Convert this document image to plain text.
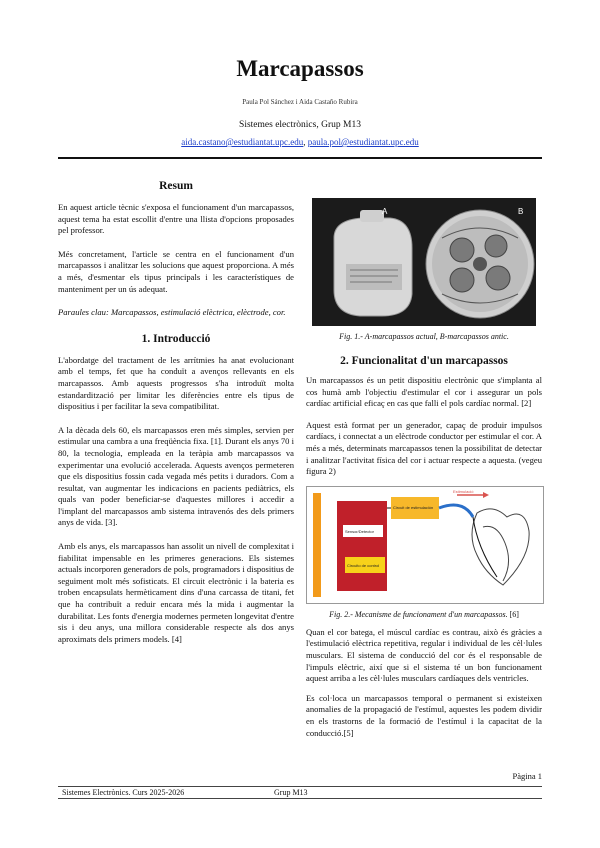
Marcapassos
Paula Pol Sánchez i Aida Castaño Rubira
Sistemes electrònics, Grup M13
aida.castano@estudiantat.upc.edu, paula.pol@estudiantat.upc.edu
Resum

En aquest article tècnic s'exposa el funcionament d'un marcapassos, aquest tema ha estat escollit d'entre una llista d'opcions proposades pel professor.

Més concretament, l'article se centra en el funcionament d'un marcapassos i analitzar les solucions que aquest proporciona. A més a més, d'esmentar els tipus principals i les característiques de manteniment per un ús adequat.

Paraules clau: Marcapassos, estimulació elèctrica, elèctrode, cor.

1. Introducció

L'abordatge del tractament de les arrítmies ha anat evolucionant amb el temps, fet que ha conduït a avenços rellevants en els marcapassos. Amb aquests progressos s'ha introduït molta estandardització per limitar les diferències entre els tipus de dispositius i per facilitar la seva compatibilitat.

A la dècada dels 60, els marcapassos eren més simples, servien per estimular una cambra a una freqüència fixa. [1]. Durant els anys 70 i 80, la tecnologia, empleada en la teràpia amb marcapassos va experimentar una evolució accelerada. Aquests avenços permeteren que els dispositius fossin cada vegada més petits i duradors. Com a resultat, van augmentar les indicacions en pacients pediàtrics, els quals van poder beneficiar-se d'aquestes millores i accedir a l'implant del marcapassos amb sistema intravenós des dels primers anys de vida. [3].

Amb els anys, els marcapassos han assolit un nivell de complexitat i fiabilitat impensable en les primeres generacions. Els sistemes actuals incorporen generadors de pols, programadors i dispositius de seguiment molt més sofisticats. El circuit electrònic i la bateria es troben encapsulats hermèticament dins d'una carcassa de titani, fet que ha contribuït a reduir encara més la mida i augmentar la durabilitat. Les fonts d'energia modernes permeten longevitat d'entre sis i deu anys, una millora considerable respecte als dos anys aproximats dels primers models. [4]

A	B
Fig. 1.- A-marcapassos actual, B-marcapassos antic.
2. Funcionalitat d'un marcapassos

Un marcapassos és un petit dispositiu electrònic que s'implanta al cos humà amb l'objectiu d'estimular el cor i assegurar un pols cardíac artificial eficaç en cas que falli el pols cardíac normal. [2]

Aquest està format per un generador, capaç de produir impulsos cardíacs, i connectat a un elèctrode conductor per estimular el cor. A més a més, determinats marcapassos tenen la possibilitat de detectar i analitzar l'activitat física del cor i actuar respecte a aquesta. (vegeu figura 2)

Sensor/Detector
Circuit de estimulación
Circuito de control
Estimulació
Fig. 2.- Mecanisme de funcionament d'un marcapassos. [6]

Quan el cor batega, el múscul cardíac es contrau, això és gràcies a l'estimulació elèctrica repetitiva, regular i individual de les cèl·lules musculars. El sistema de conducció del cor és el responsable de l'impuls elèctric, així que si el sistema té un bon funcionament aquest arriba a les cèl·lules musculars cardíaques dels ventricles.

Es col·loca un marcapassos temporal o permanent si existeixen anomalies de la propagació de l'estímul, aquestes les podem dividir en els trastorns de la formació de l'estímul i la capacitat de la conducció.[5]

Pàgina 1
Sistemes Electrònics. Curs 2025-2026	Grup M13
